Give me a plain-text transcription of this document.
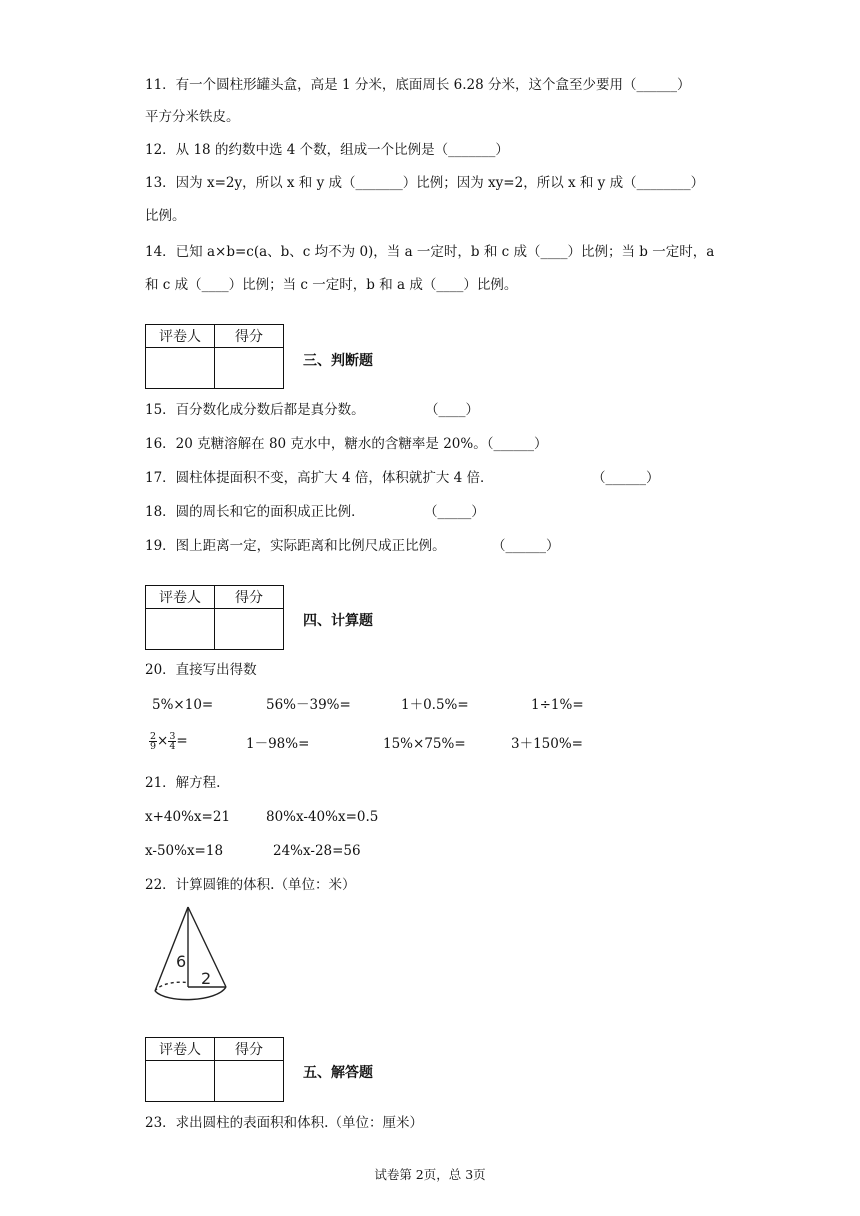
11．有一个圆柱形罐头盒，高是 1 分米，底面周长 6.28 分米，这个盒至少要用（______）
平方分米铁皮。
12．从 18 的约数中选 4 个数，组成一个比例是（_______）
13．因为 x=2y，所以 x 和 y 成（_______）比例；因为 xy=2，所以 x 和 y 成（________）
比例。
14．已知 a×b=c(a、b、c 均不为 0)，当 a 一定时，b 和 c 成（____）比例；当 b 一定时，a
和 c 成（____）比例；当 c 一定时，b 和 a 成（____）比例。
评卷人	得分

三、判断题
15．百分数化成分数后都是真分数。	（____）
16．20 克糖溶解在 80 克水中，糖水的含糖率是 20%。（______）
17．圆柱体提面积不变，高扩大 4 倍，体积就扩大 4 倍．	（______）
18．圆的周长和它的面积成正比例．	（_____）
19．图上距离一定，实际距离和比例尺成正比例。	（______）
评卷人	得分

四、计算题
20．直接写出得数
5%×10=	56%－39%=	1＋0.5%=	1÷1%=
$\frac{2}{9} \times \frac{3}{4}$ =	1－98%=	15%×75%=	3＋150%=
21．解方程.
x+40%x=21	80%x-40%x=0.5
x-50%x=18	24%x-28=56
22．计算圆锥的体积.（单位：米）
6
2
评卷人	得分

五、解答题
23．求出圆柱的表面积和体积.（单位：厘米）
试卷第 2页，总 3页
